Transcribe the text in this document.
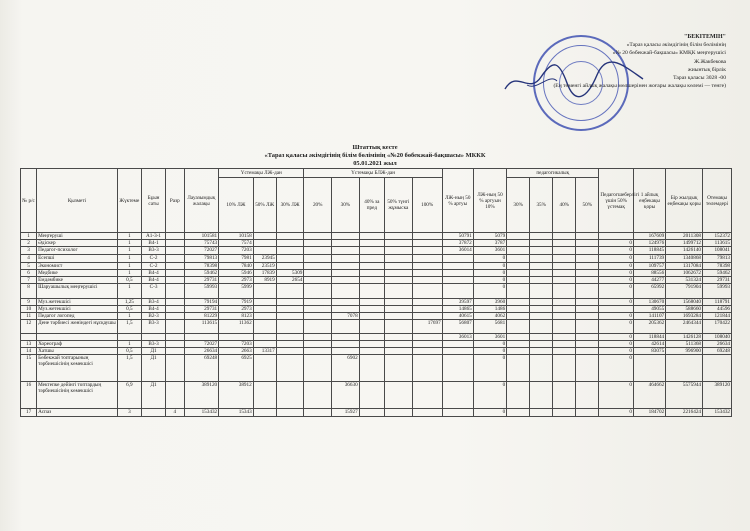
"БЕКІТЕМІН"
«Тараз қаласы әкімдігінің білім бөлімінің
«№ 20 бөбекжай-бақшасы» КМҚК меңгерушісі
Ж.Жакбекова
жиынтық бірлік
Тараз қаласы 3028 -00
(Ең төменгі айлық жалақы мөлшерінен жоғары жалақы көлемі — тенге)
Штаттық кесте
«Тараз қаласы әкімдігінің білім бөлімінің «№20 бөбекжай-бақшасы» МККК
05.01.2021 жыл
№ р/с	Қызметі	Жүктеме	Бұын саты	Разр	Лауазымдық жалақы	Үстемақы ЛЖ-дан			Үстемақы БЛЖ-дан					ЛЖ-ның 50 % артуы	ЛЖ-ның 50 % артуын 10%	педагогикалық				Педагогшеберлігі үшін 50% үстемақ	1 айлық еңбекақы қоры	Бір жылдық еңбекақы қоры	Отемақы төлемдері
						10% ЛЖ	50% ЛЖ	30% ЛЖ	20%	30%	40% за пред	50% түнгі жұмыска	100%			30%	35%	40%	50%				
1	Меңгеруші	1	A1-3-1		101581	10158								50791	5079						167609	2011308	152372
2	Әдіскер	1	B4-1		75743	7574								37872	3787					0	124976	1499712	113615
3	Педагог-психолог	1	B3-3		72027	7203								36014	3601					0	118845	1426140	108041
4	Есепші	1	C-2		79813	7981	23945								0					0	111739	1340868	79813
5	Экономист	1	C-2		78398	7840	23519								0					0	109757	1317084	78398
6	Медбике	1	B4-4		59462	5946	17839	5309							0					0	88556	1062672	59462
7	Емдәмбике	0,5	B4-4		29731	2973	8919	2654							0					0	44277	531324	29731
8	Шаруашылық меңгерушісі	1	C-3		59993	5999									0					0	65992	791904	59993
9	Муз.жетекшісі	1,25	B3-4		79194	7919								39597	3960					0	130670	1568040	118791
10	Муз.жетекшісі	0,5	B4-4		29731	2973								14865	1486						49055	588660	44596
11	Педагог логопед	1	B2-3		81229	8123				7078				40615	4062					0	141107	1693284	121844
12	Дене тәрбиесі жөніндегі нұсқаушы	1,5	B3-3		113615	11362							17697	56807	5681					0	205362	2464344	170422
														36013	3601					0	118844	1426128	108040
13	Хореограф	1	B3-3		72027	7203									0					0	42614	511368	26634
14	Хатшы	0,5	Д1		26634	2663	13317								0					0	83075	996900	69248
15	Бөбекжай топтарының тәрбиешісінің көмекшісі	1,5	Д1		69248	6925				6902					0					0			
16	Мектепке дейінгі топтардың тәрбиешісінің көмекшісі	6,9	Д1		389120	38912				36630					0					0	464662	5575944	389120
17	Аспаз	3		4	153432	15343				15927					0					0	184702	2216424	153432
